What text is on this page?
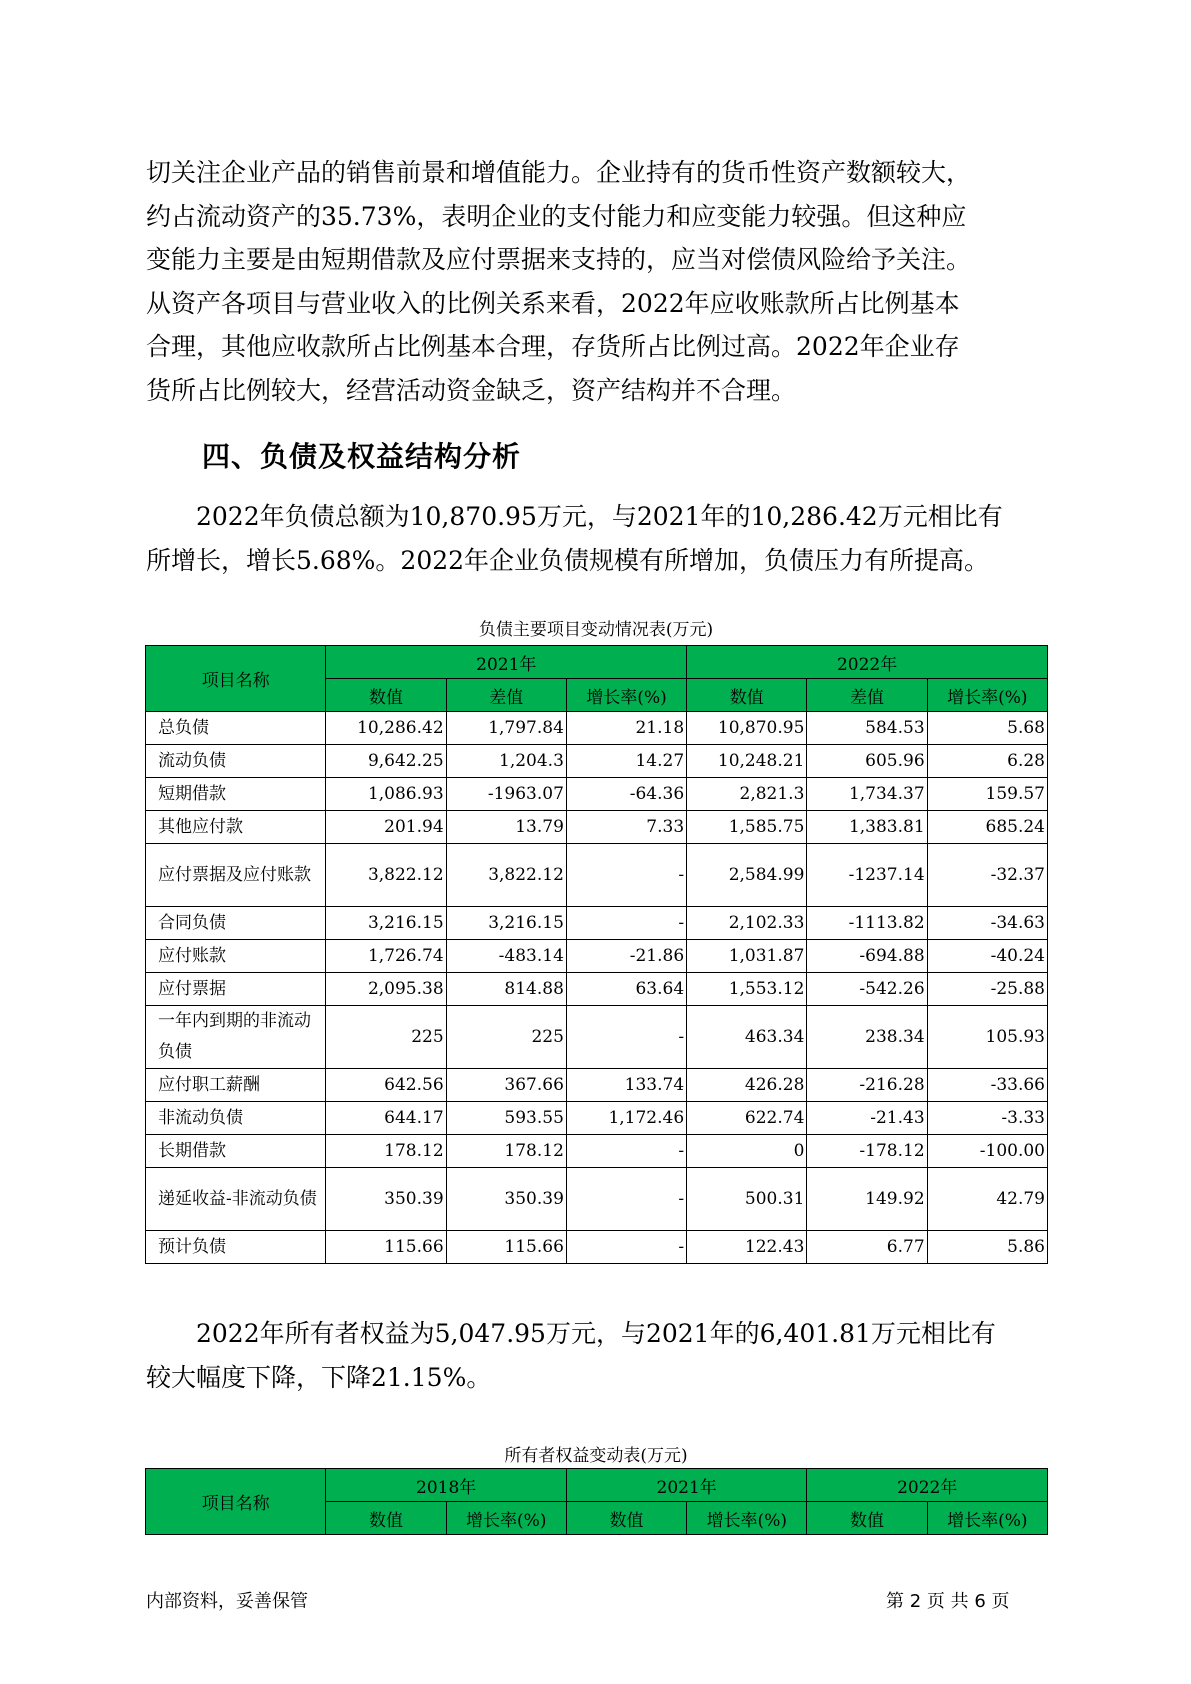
切关注企业产品的销售前景和增值能力。企业持有的货币性资产数额较大，
约占流动资产的35.73%，表明企业的支付能力和应变能力较强。但这种应
变能力主要是由短期借款及应付票据来支持的，应当对偿债风险给予关注。
从资产各项目与营业收入的比例关系来看，2022年应收账款所占比例基本
合理，其他应收款所占比例基本合理，存货所占比例过高。2022年企业存
货所占比例较大，经营活动资金缺乏，资产结构并不合理。

四、负债及权益结构分析

　　2022年负债总额为10,870.95万元，与2021年的10,286.42万元相比有
所增长，增长5.68%。2022年企业负债规模有所增加，负债压力有所提高。

负债主要项目变动情况表(万元)

项目名称	2021年			2022年		
	数值	差值	增长率(%)	数值	差值	增长率(%)
总负债	10,286.42	1,797.84	21.18	10,870.95	584.53	5.68
流动负债	9,642.25	1,204.3	14.27	10,248.21	605.96	6.28
短期借款	1,086.93	-1963.07	-64.36	2,821.3	1,734.37	159.57
其他应付款	201.94	13.79	7.33	1,585.75	1,383.81	685.24
应付票据及应付账款	3,822.12	3,822.12	-	2,584.99	-1237.14	-32.37
合同负债	3,216.15	3,216.15	-	2,102.33	-1113.82	-34.63
应付账款	1,726.74	-483.14	-21.86	1,031.87	-694.88	-40.24
应付票据	2,095.38	814.88	63.64	1,553.12	-542.26	-25.88
一年内到期的非流动负债	225	225	-	463.34	238.34	105.93
应付职工薪酬	642.56	367.66	133.74	426.28	-216.28	-33.66
非流动负债	644.17	593.55	1,172.46	622.74	-21.43	-3.33
长期借款	178.12	178.12	-	0	-178.12	-100.00
递延收益-非流动负债	350.39	350.39	-	500.31	149.92	42.79
预计负债	115.66	115.66	-	122.43	6.77	5.86

　　2022年所有者权益为5,047.95万元，与2021年的6,401.81万元相比有
较大幅度下降，下降21.15%。

所有者权益变动表(万元)

项目名称	2018年		2021年		2022年	
	数值	增长率(%)	数值	增长率(%)	数值	增长率(%)

内部资料，妥善保管	第 2 页 共 6 页
